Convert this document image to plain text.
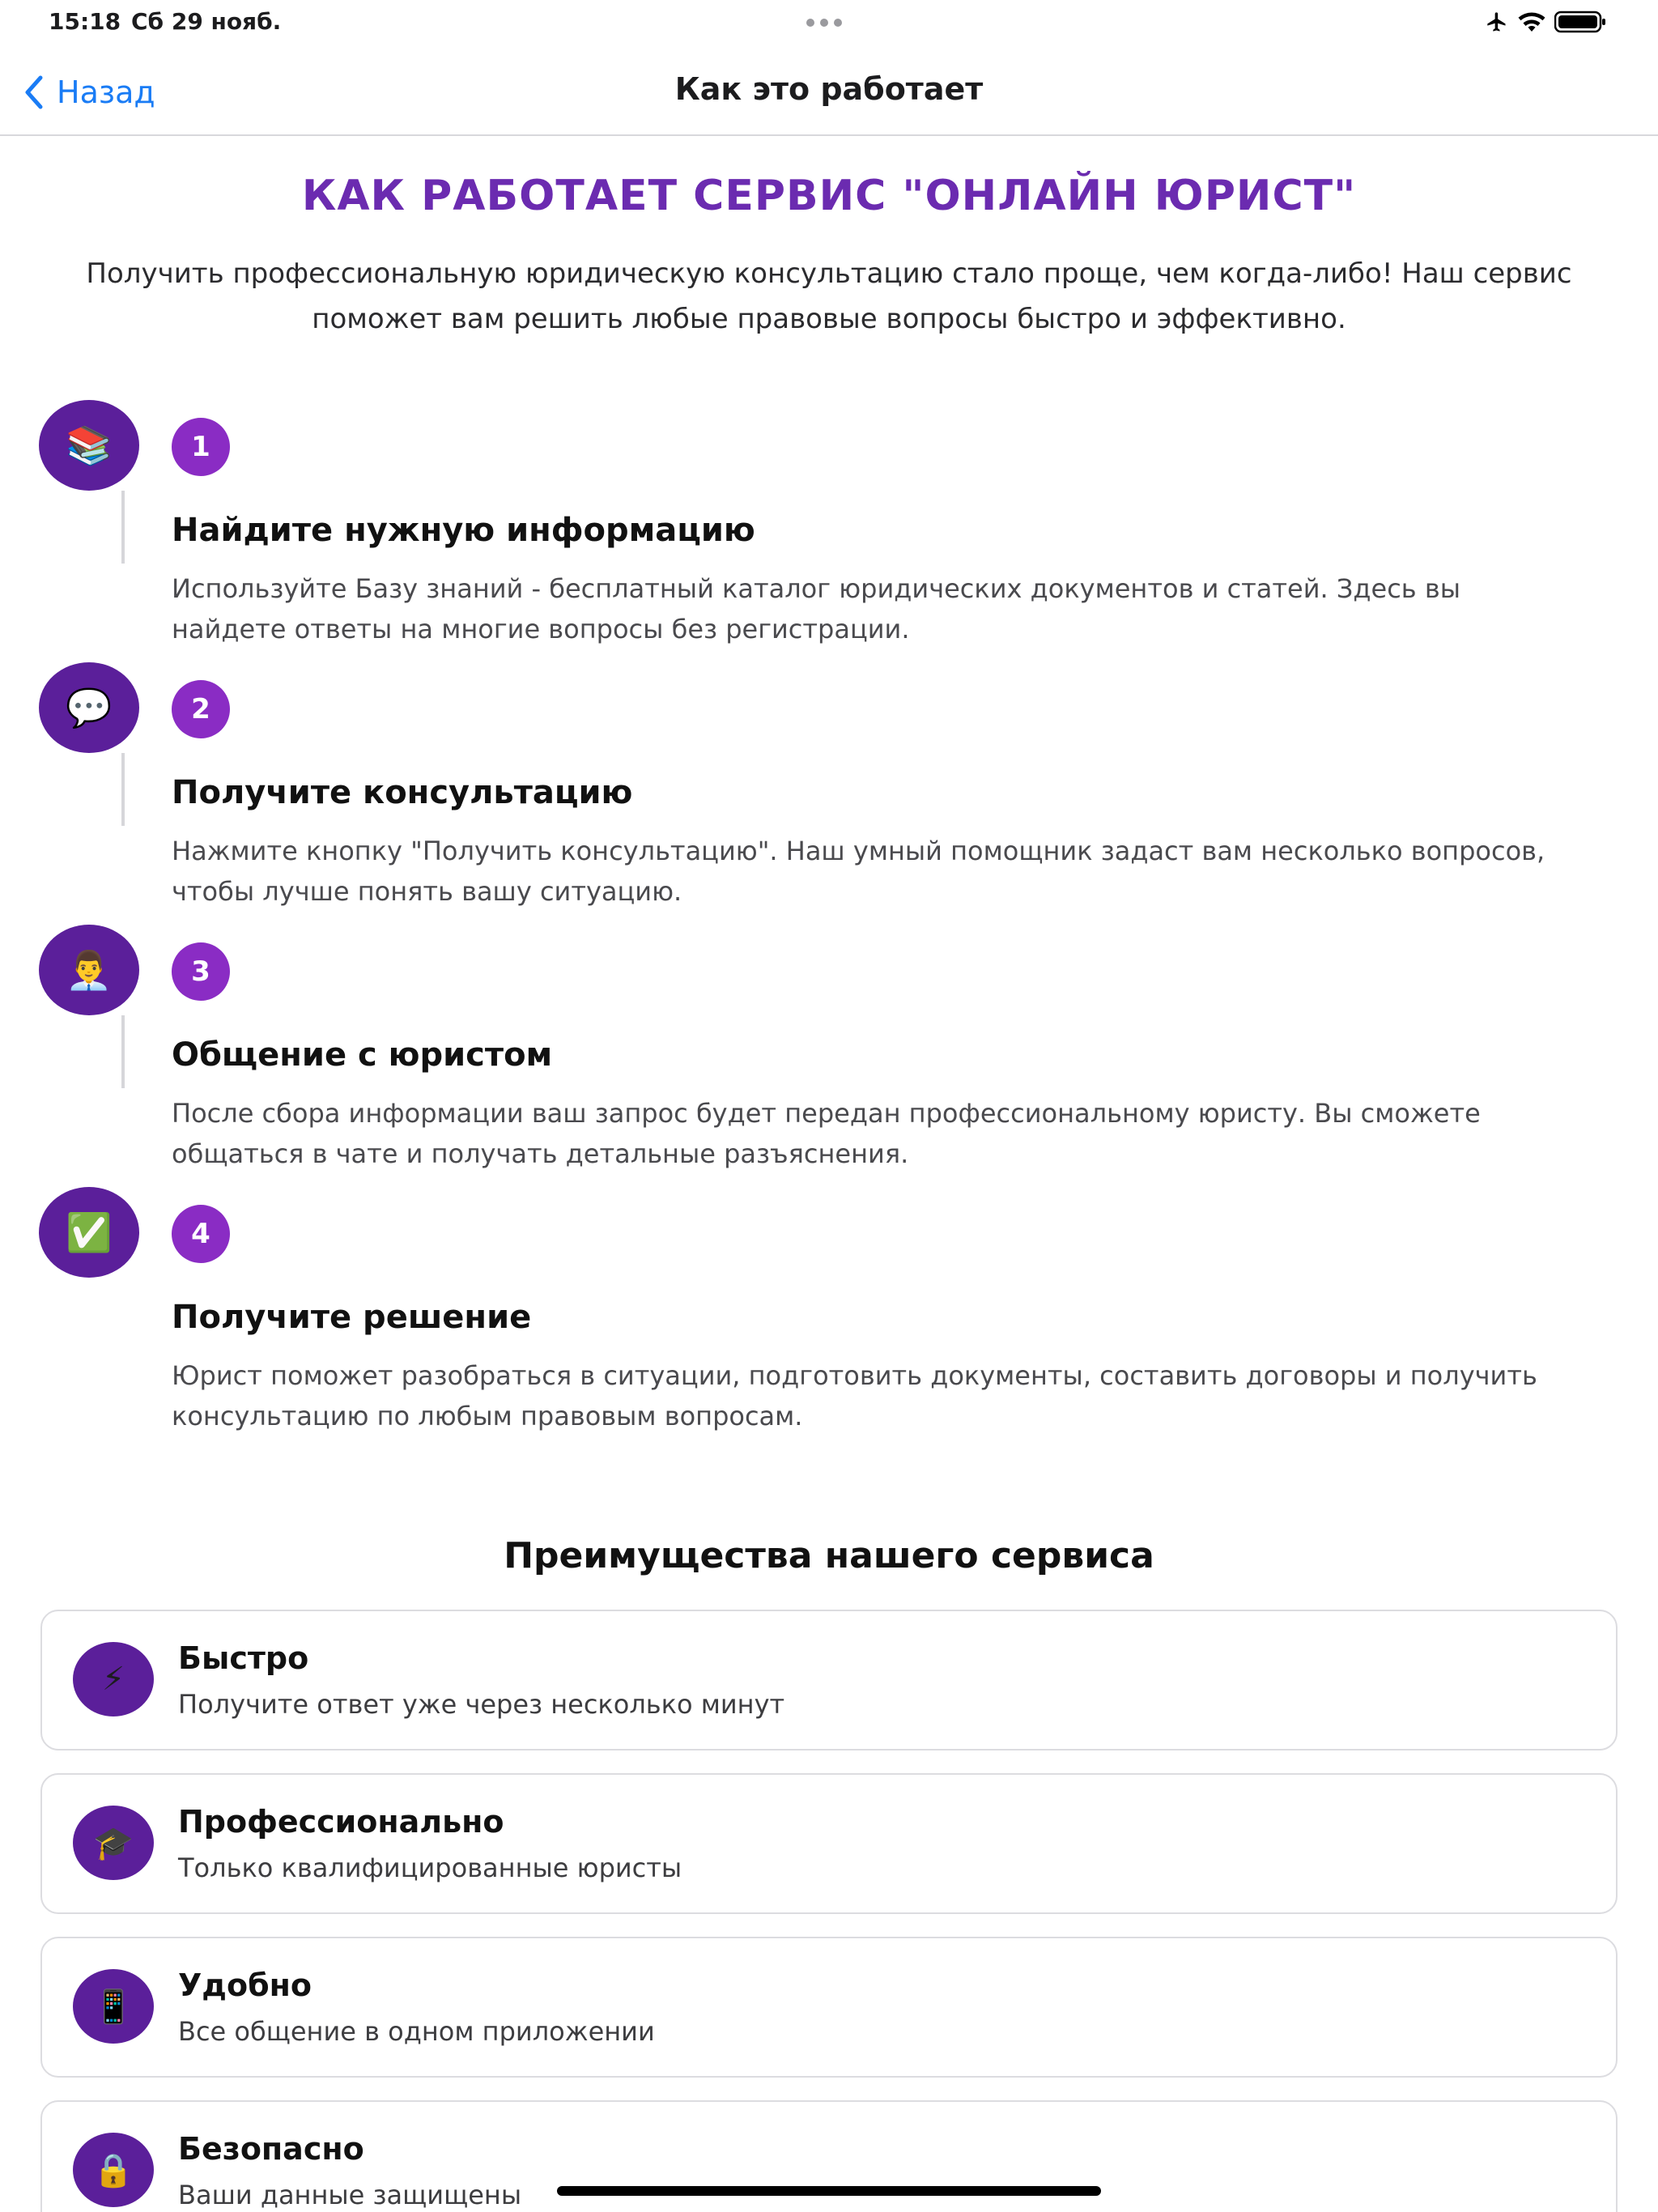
15:18 Сб 29 нояб.
Назад	Как это работает
КАК РАБОТАЕТ СЕРВИС "ОНЛАЙН ЮРИСТ"
Получить профессиональную юридическую консультацию стало проще, чем когда-либо! Наш сервис
поможет вам решить любые правовые вопросы быстро и эффективно.
📚	1
Найдите нужную информацию
Используйте Базу знаний - бесплатный каталог юридических документов и статей. Здесь вы найдете ответы на многие вопросы без регистрации.
💬	2
Получите консультацию
Нажмите кнопку "Получить консультацию". Наш умный помощник задаст вам несколько вопросов, чтобы лучше понять вашу ситуацию.
👨‍💼	3
Общение с юристом
После сбора информации ваш запрос будет передан профессиональному юристу. Вы сможете общаться в чате и получать детальные разъяснения.
✅	4
Получите решение
Юрист поможет разобраться в ситуации, подготовить документы, составить договоры и получить консультацию по любым правовым вопросам.
Преимущества нашего сервиса
⚡
Быстро
Получите ответ уже через несколько минут
🎓
Профессионально
Только квалифицированные юристы
📱
Удобно
Все общение в одном приложении
🔒
Безопасно
Ваши данные защищены
